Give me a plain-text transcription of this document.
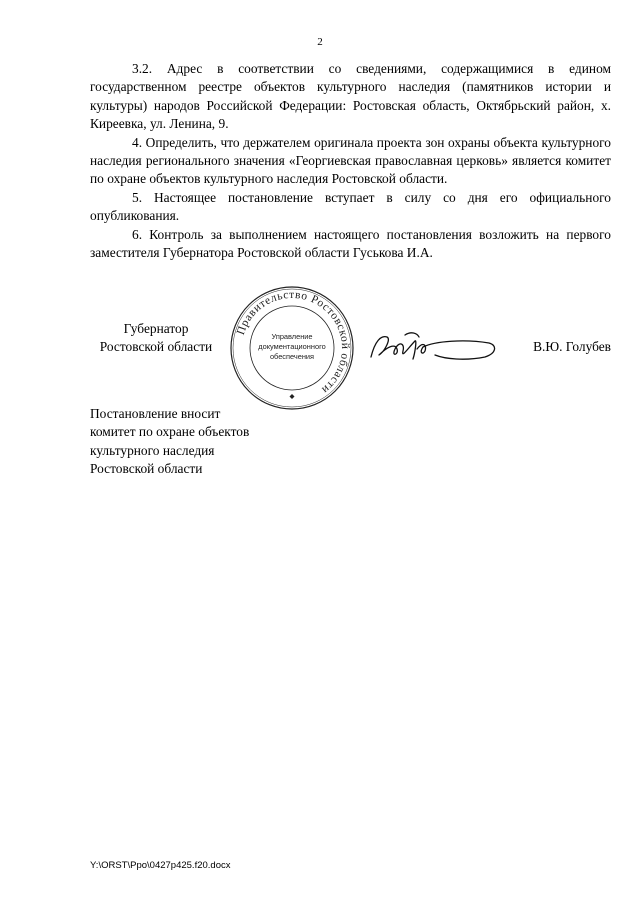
2

3.2. Адрес в соответствии со сведениями, содержащимися в едином государственном реестре объектов культурного наследия (памятников истории и культуры) народов Российской Федерации: Ростовская область, Октябрьский район, х. Киреевка, ул. Ленина, 9.

4. Определить, что держателем оригинала проекта зон охраны объекта культурного наследия регионального значения «Георгиевская православная церковь» является комитет по охране объектов культурного наследия Ростовской области.

5. Настоящее постановление вступает в силу со дня его официального опубликования.

6. Контроль за выполнением настоящего постановления возложить на первого заместителя Губернатора Ростовской области Гуськова И.А.

Губернатор
Ростовской области
Правительство Ростовской области
Управление
документационного
обеспечения
В.Ю. Голубев
Постановление вносит
комитет по охране объектов
культурного наследия
Ростовской области
Y:\ORST\Ppo\0427p425.f20.docx
